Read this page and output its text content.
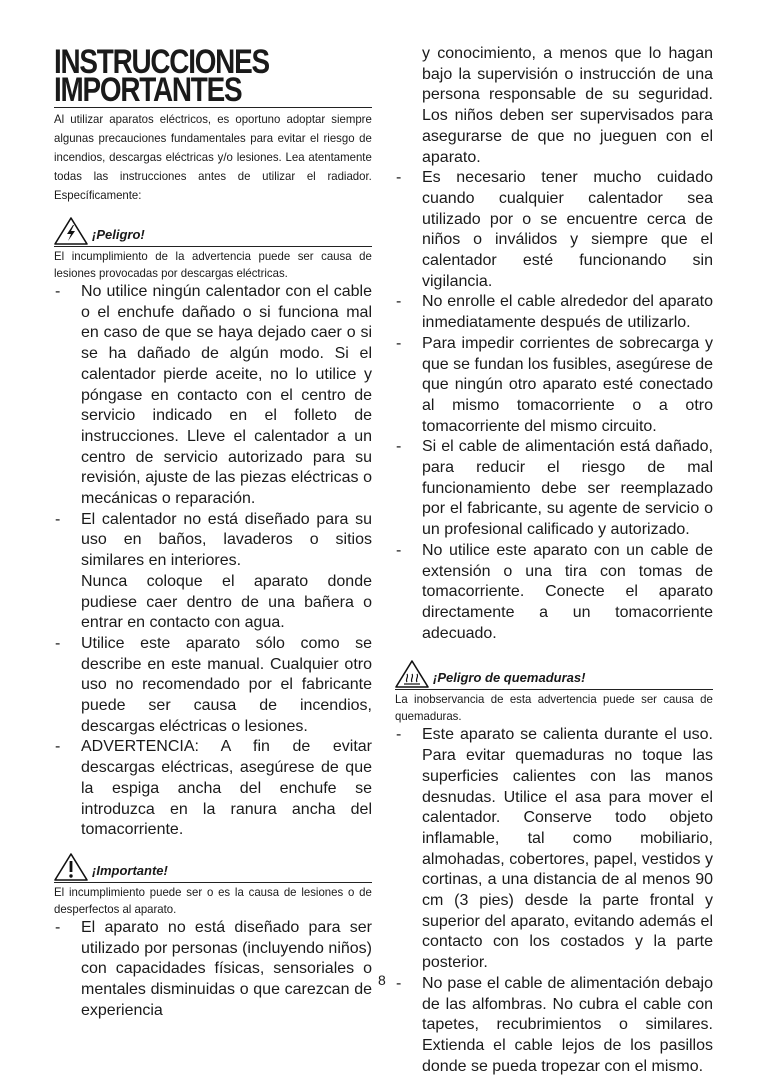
INSTRUCCIONES
IMPORTANTES

Al utilizar aparatos eléctricos, es oportuno adoptar siempre algunas precauciones fundamentales para evitar el riesgo de incendios, descargas eléctricas y/o lesiones. Lea atentamente todas las instrucciones antes de utilizar el radiador. Específicamente:

¡Peligro!

El incumplimiento de la advertencia puede ser causa de lesiones provocadas por descargas eléctricas.

- No utilice ningún calentador con el cable o el enchufe dañado o si funciona mal en caso de que se haya dejado caer o si se ha dañado de algún modo. Si el calentador pierde aceite, no lo utilice y póngase en contacto con el centro de servicio indicado en el folleto de instrucciones. Lleve el calentador a un centro de servicio autorizado para su revisión, ajuste de las piezas eléctricas o mecánicas o reparación.
- El calentador no está diseñado para su uso en baños, lavaderos o sitios similares en interiores.
Nunca coloque el aparato donde pudiese caer dentro de una bañera o entrar en contacto con agua.
- Utilice este aparato sólo como se describe en este manual. Cualquier otro uso no recomendado por el fabricante puede ser causa de incendios, descargas eléctricas o lesiones.
- ADVERTENCIA: A fin de evitar descargas eléctricas, asegúrese de que la espiga ancha del enchufe se introduzca en la ranura ancha del tomacorriente.
¡Importante!

El incumplimiento puede ser o es la causa de lesiones o de desperfectos al aparato.

- El aparato no está diseñado para ser utilizado por personas (incluyendo niños) con capacidades físicas, sensoriales o mentales disminuidas o que carezcan de experiencia
y conocimiento, a menos que lo hagan bajo la supervisión o instrucción de una persona responsable de su seguridad. Los niños deben ser supervisados para asegurarse de que no jueguen con el aparato.
- Es necesario tener mucho cuidado cuando cualquier calentador sea utilizado por o se encuentre cerca de niños o inválidos y siempre que el calentador esté funcionando sin vigilancia.
- No enrolle el cable alrededor del aparato inmediatamente después de utilizarlo.
- Para impedir corrientes de sobrecarga y que se fundan los fusibles, asegúrese de que ningún otro aparato esté conectado al mismo tomacorriente o a otro tomacorriente del mismo circuito.
- Si el cable de alimentación está dañado, para reducir el riesgo de mal funcionamiento debe ser reemplazado por el fabricante, su agente de servicio o un profesional calificado y autorizado.
- No utilice este aparato con un cable de extensión o una tira con tomas de tomacorriente. Conecte el aparato directamente a un tomacorriente adecuado.
¡Peligro de quemaduras!

La inobservancia de esta advertencia puede ser causa de quemaduras.

- Este aparato se calienta durante el uso. Para evitar quemaduras no toque las superficies calientes con las manos desnudas. Utilice el asa para mover el calentador. Conserve todo objeto inflamable, tal como mobiliario, almohadas, cobertores, papel, vestidos y cortinas, a una distancia de al menos 90 cm (3 pies) desde la parte frontal y superior del aparato, evitando además el contacto con los costados y la parte posterior.
- No pase el cable de alimentación debajo de las alfombras. No cubra el cable con tapetes, recubrimientos o similares. Extienda el cable lejos de los pasillos donde se pueda tropezar con el mismo.
8
